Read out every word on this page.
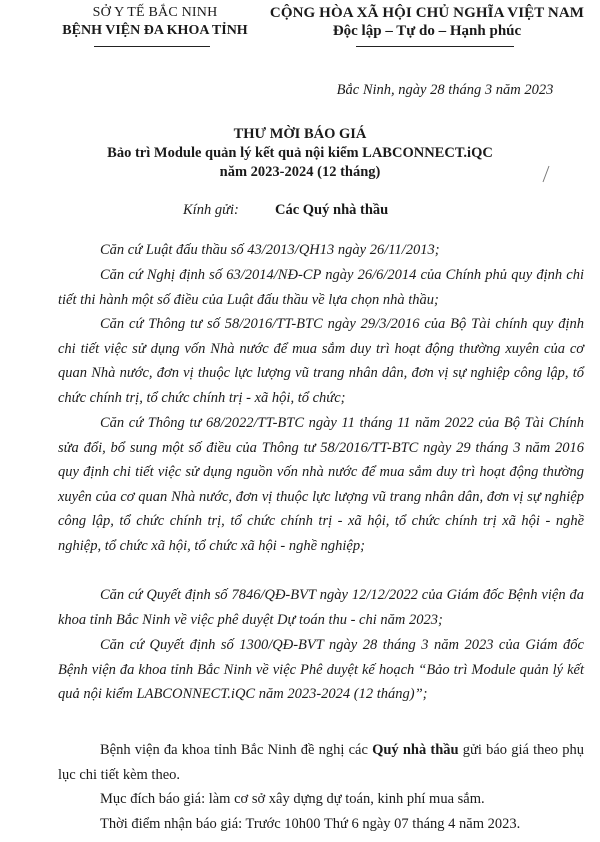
SỞ Y TẾ BẮC NINH
BỆNH VIỆN ĐA KHOA TỈNH
CỘNG HÒA XÃ HỘI CHỦ NGHĨA VIỆT NAM
Độc lập – Tự do – Hạnh phúc
Bắc Ninh, ngày 28 tháng 3 năm 2023
THƯ MỜI BÁO GIÁ
Bảo trì Module quản lý kết quả nội kiểm LABCONNECT.iQC
năm 2023-2024 (12 tháng)
Kính gửi: Các Quý nhà thầu

Căn cứ Luật đấu thầu số 43/2013/QH13 ngày 26/11/2013;

Căn cứ Nghị định số 63/2014/NĐ-CP ngày 26/6/2014 của Chính phủ quy định chi tiết thi hành một số điều của Luật đấu thầu về lựa chọn nhà thầu;

Căn cứ Thông tư số 58/2016/TT-BTC ngày 29/3/2016 của Bộ Tài chính quy định chi tiết việc sử dụng vốn Nhà nước để mua sắm duy trì hoạt động thường xuyên của cơ quan Nhà nước, đơn vị thuộc lực lượng vũ trang nhân dân, đơn vị sự nghiệp công lập, tổ chức chính trị, tổ chức chính trị - xã hội, tổ chức;

Căn cứ Thông tư 68/2022/TT-BTC ngày 11 tháng 11 năm 2022 của Bộ Tài Chính sửa đổi, bổ sung một số điều của Thông tư 58/2016/TT-BTC ngày 29 tháng 3 năm 2016 quy định chi tiết việc sử dụng nguồn vốn nhà nước để mua sắm duy trì hoạt động thường xuyên của cơ quan Nhà nước, đơn vị thuộc lực lượng vũ trang nhân dân, đơn vị sự nghiệp công lập, tổ chức chính trị, tổ chức chính trị - xã hội, tổ chức chính trị xã hội - nghề nghiệp, tổ chức xã hội, tổ chức xã hội - nghề nghiệp;

Căn cứ Quyết định số 7846/QĐ-BVT ngày 12/12/2022 của Giám đốc Bệnh viện đa khoa tỉnh Bắc Ninh về việc phê duyệt Dự toán thu - chi năm 2023;

Căn cứ Quyết định số 1300/QĐ-BVT ngày 28 tháng 3 năm 2023 của Giám đốc Bệnh viện đa khoa tỉnh Bắc Ninh về việc Phê duyệt kế hoạch “Bảo trì Module quản lý kết quả nội kiểm LABCONNECT.iQC năm 2023-2024 (12 tháng)”;

Bệnh viện đa khoa tỉnh Bắc Ninh đề nghị các Quý nhà thầu gửi báo giá theo phụ lục chi tiết kèm theo.

Mục đích báo giá: làm cơ sở xây dựng dự toán, kinh phí mua sắm.

Thời điểm nhận báo giá: Trước 10h00 Thứ 6 ngày 07 tháng 4 năm 2023.
